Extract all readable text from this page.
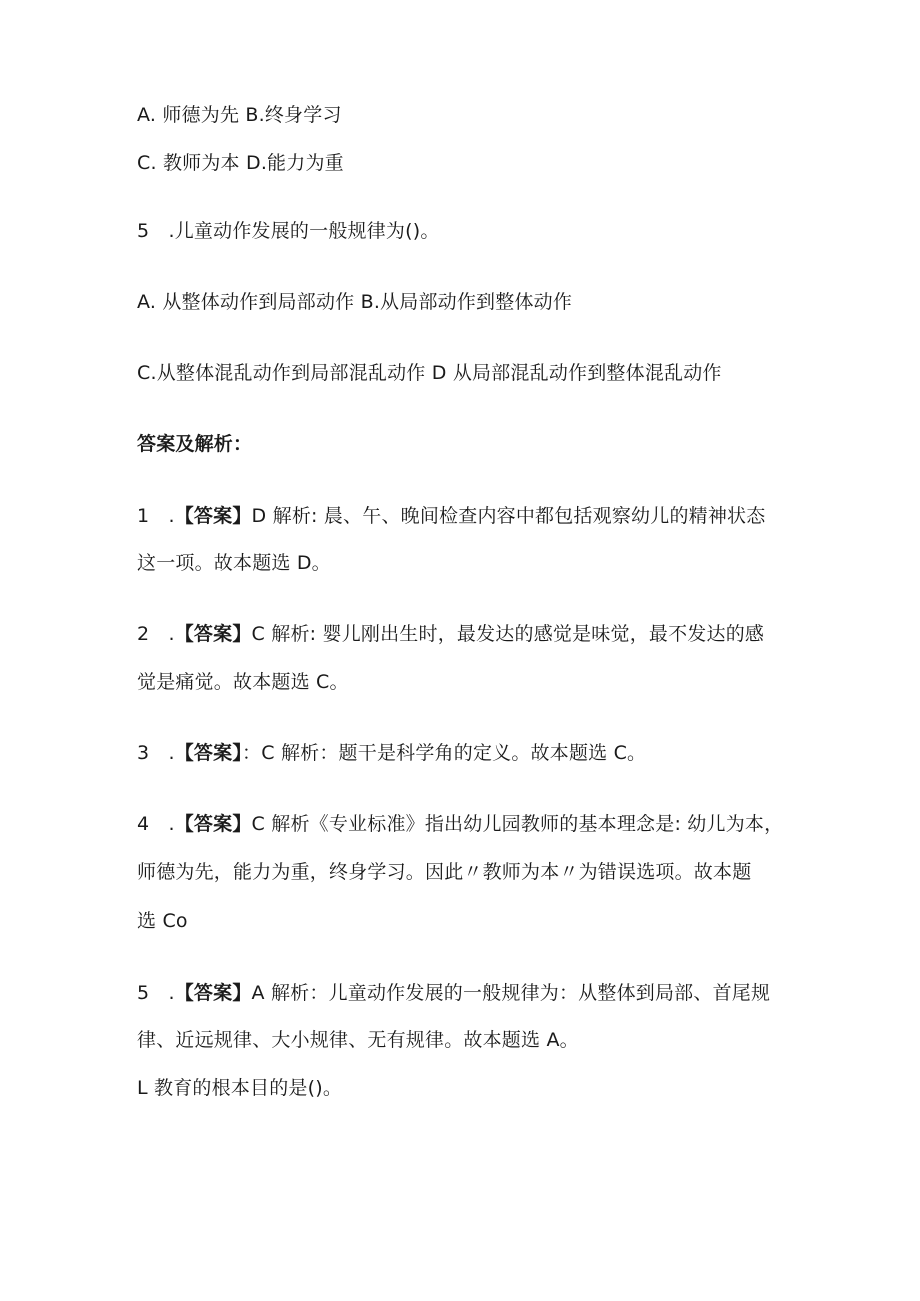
A. 师德为先 B.终身学习
C. 教师为本 D.能力为重
5　.儿童动作发展的一般规律为()。
A. 从整体动作到局部动作 B.从局部动作到整体动作
C.从整体混乱动作到局部混乱动作 D 从局部混乱动作到整体混乱动作
答案及解析：
1　.【答案】D 解析: 晨、午、晚间检查内容中都包括观察幼儿的精神状态
这一项。故本题选 D。
2　.【答案】C 解析: 婴儿刚出生时，最发达的感觉是味觉，最不发达的感
觉是痛觉。故本题选 C。
3　.【答案】：C 解析：题干是科学角的定义。故本题选 C。
4　.【答案】C 解析《专业标准》指出幼儿园教师的基本理念是: 幼儿为本，
师德为先，能力为重，终身学习。因此〃教师为本〃为错误选项。故本题
选 Co
5　.【答案】A 解析：儿童动作发展的一般规律为：从整体到局部、首尾规
律、近远规律、大小规律、无有规律。故本题选 A。
L 教育的根本目的是()。
